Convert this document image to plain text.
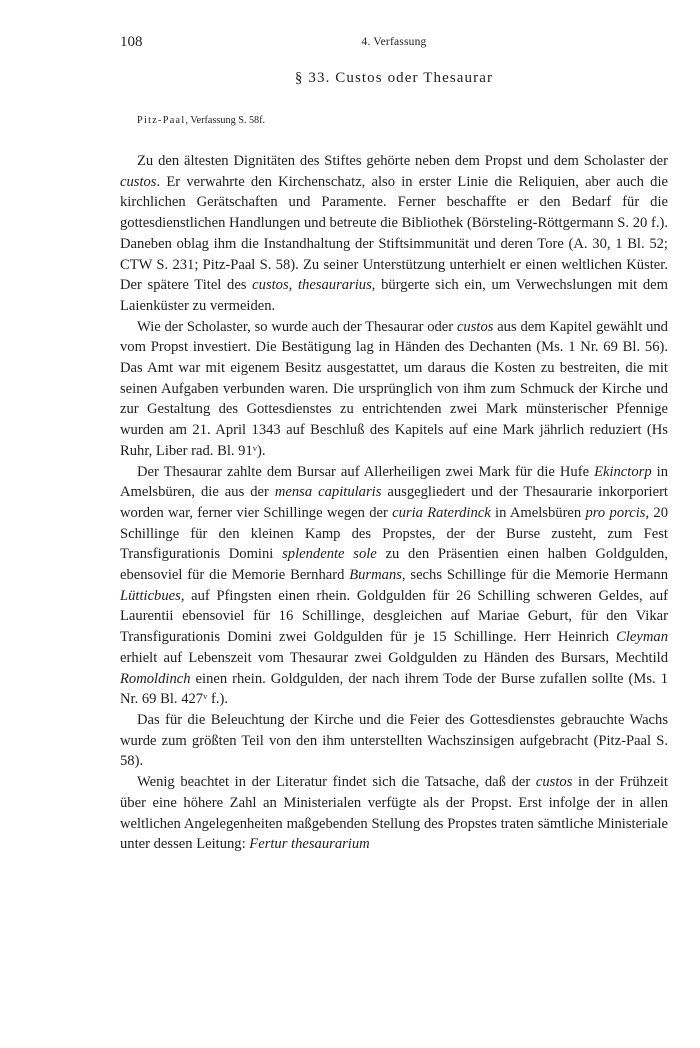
108	4. Verfassung
§ 33. Custos oder Thesaurar
Pitz-Paal, Verfassung S. 58f.

Zu den ältesten Dignitäten des Stiftes gehörte neben dem Propst und dem Scholaster der custos. Er verwahrte den Kirchenschatz, also in erster Linie die Reliquien, aber auch die kirchlichen Gerätschaften und Paramente. Ferner beschaffte er den Bedarf für die gottesdienstlichen Handlungen und betreute die Bibliothek (Börsteling-Röttgermann S. 20 f.). Daneben oblag ihm die Instandhaltung der Stiftsimmunität und deren Tore (A. 30, 1 Bl. 52; CTW S. 231; Pitz-Paal S. 58). Zu seiner Unterstützung unterhielt er einen weltlichen Küster. Der spätere Titel des custos, thesaurarius, bürgerte sich ein, um Verwechslungen mit dem Laienküster zu vermeiden.

Wie der Scholaster, so wurde auch der Thesaurar oder custos aus dem Kapitel gewählt und vom Propst investiert. Die Bestätigung lag in Händen des Dechanten (Ms. 1 Nr. 69 Bl. 56). Das Amt war mit eigenem Besitz ausgestattet, um daraus die Kosten zu bestreiten, die mit seinen Aufgaben verbunden waren. Die ursprünglich von ihm zum Schmuck der Kirche und zur Gestaltung des Gottesdienstes zu entrichtenden zwei Mark münsterischer Pfennige wurden am 21. April 1343 auf Beschluß des Kapitels auf eine Mark jährlich reduziert (Hs Ruhr, Liber rad. Bl. 91ᵛ).

Der Thesaurar zahlte dem Bursar auf Allerheiligen zwei Mark für die Hufe Ekinctorp in Amelsbüren, die aus der mensa capitularis ausgegliedert und der Thesaurarie inkorporiert worden war, ferner vier Schillinge wegen der curia Raterdinck in Amelsbüren pro porcis, 20 Schillinge für den kleinen Kamp des Propstes, der der Burse zusteht, zum Fest Transfigurationis Domini splendente sole zu den Präsentien einen halben Goldgulden, ebensoviel für die Memorie Bernhard Burmans, sechs Schillinge für die Memorie Hermann Lütticbues, auf Pfingsten einen rhein. Goldgulden für 26 Schilling schweren Geldes, auf Laurentii ebensoviel für 16 Schillinge, desgleichen auf Mariae Geburt, für den Vikar Transfigurationis Domini zwei Goldgulden für je 15 Schillinge. Herr Heinrich Cleyman erhielt auf Lebenszeit vom Thesaurar zwei Goldgulden zu Händen des Bursars, Mechtild Romoldinch einen rhein. Goldgulden, der nach ihrem Tode der Burse zufallen sollte (Ms. 1 Nr. 69 Bl. 427ᵛ f.).

Das für die Beleuchtung der Kirche und die Feier des Gottesdienstes gebrauchte Wachs wurde zum größten Teil von den ihm unterstellten Wachszinsigen aufgebracht (Pitz-Paal S. 58).

Wenig beachtet in der Literatur findet sich die Tatsache, daß der custos in der Frühzeit über eine höhere Zahl an Ministerialen verfügte als der Propst. Erst infolge der in allen weltlichen Angelegenheiten maßgebenden Stellung des Propstes traten sämtliche Ministeriale unter dessen Leitung: Fertur thesaurarium
